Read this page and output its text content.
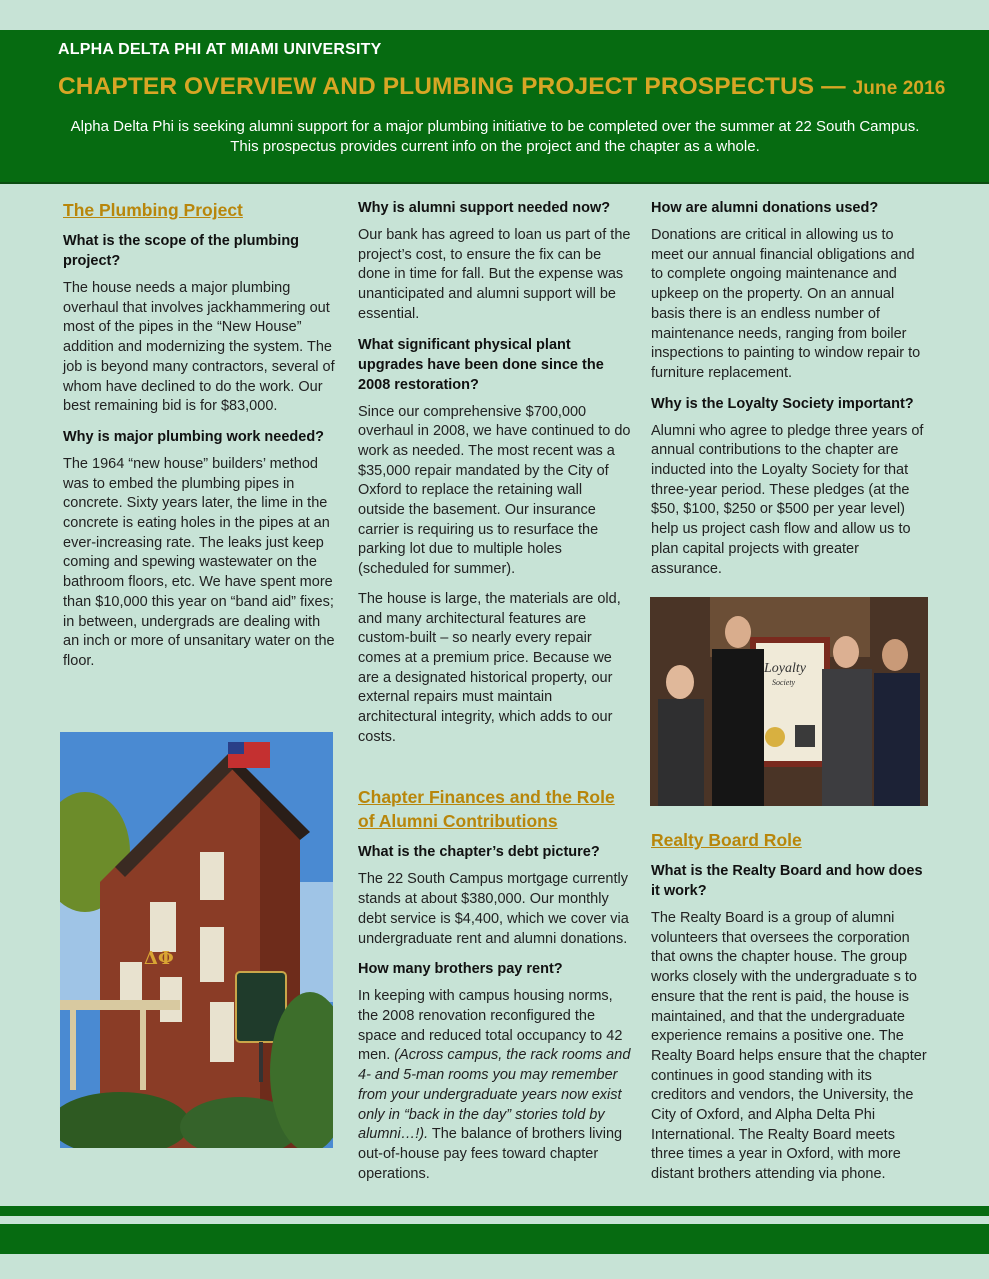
ALPHA DELTA PHI AT MIAMI UNIVERSITY
CHAPTER OVERVIEW AND PLUMBING PROJECT PROSPECTUS — June 2016
Alpha Delta Phi is seeking alumni support for a major plumbing initiative to be completed over the summer at 22 South Campus. This prospectus provides current info on the project and the chapter as a whole.
The Plumbing Project
What is the scope of the plumbing project?

The house needs a major plumbing overhaul that involves jackhammering out most of the pipes in the “New House” addition and modernizing the system. The job is beyond many contractors, several of whom have declined to do the work. Our best remaining bid is for $83,000.

Why is major plumbing work needed?

The 1964 “new house” builders’ method was to embed the plumbing pipes in concrete. Sixty years later, the lime in the concrete is eating holes in the pipes at an ever-increasing rate. The leaks just keep coming and spewing wastewater on the bathroom floors, etc. We have spent more than $10,000 this year on “band aid” fixes; in between, undergrads are dealing with an inch or more of unsanitary water on the floor.

ΔΦ
Why is alumni support needed now?

Our bank has agreed to loan us part of the project’s cost, to ensure the fix can be done in time for fall. But the expense was unanticipated and alumni support will be essential.

What significant physical plant upgrades have been done since the 2008 restoration?

Since our comprehensive $700,000 overhaul in 2008, we have continued to do work as needed. The most recent was a $35,000 repair mandated by the City of Oxford to replace the retaining wall outside the basement. Our insurance carrier is requiring us to resurface the parking lot due to multiple holes (scheduled for summer).

The house is large, the materials are old, and many architectural features are custom-built – so nearly every repair comes at a premium price. Because we are a designated historical property, our external repairs must maintain architectural integrity, which adds to our costs.

Chapter Finances and the Role of Alumni Contributions
What is the chapter’s debt picture?

The 22 South Campus mortgage currently stands at about $380,000. Our monthly debt service is $4,400, which we cover via undergraduate rent and alumni donations.

How many brothers pay rent?

In keeping with campus housing norms, the 2008 renovation reconfigured the space and reduced total occupancy to 42 men. (Across campus, the rack rooms and 4- and 5-man rooms you may remember from your undergraduate years now exist only in “back in the day” stories told by alumni…!). The balance of brothers living out-of-house pay fees toward chapter operations.

How are alumni donations used?

Donations are critical in allowing us to meet our annual financial obligations and to complete ongoing maintenance and upkeep on the property. On an annual basis there is an endless number of maintenance needs, ranging from boiler inspections to painting to window repair to furniture replacement.

Why is the Loyalty Society important?

Alumni who agree to pledge three years of annual contributions to the chapter are inducted into the Loyalty Society for that three-year period. These pledges (at the $50, $100, $250 or $500 per year level) help us project cash flow and allow us to plan capital projects with greater assurance.

Loyalty
Society
Realty Board Role
What is the Realty Board and how does it work?

The Realty Board is a group of alumni volunteers that oversees the corporation that owns the chapter house. The group works closely with the undergraduate s to ensure that the rent is paid, the house is maintained, and that the undergraduate experience remains a positive one. The Realty Board helps ensure that the chapter continues in good standing with its creditors and vendors, the University, the City of Oxford, and Alpha Delta Phi International. The Realty Board meets three times a year in Oxford, with more distant brothers attending via phone.
